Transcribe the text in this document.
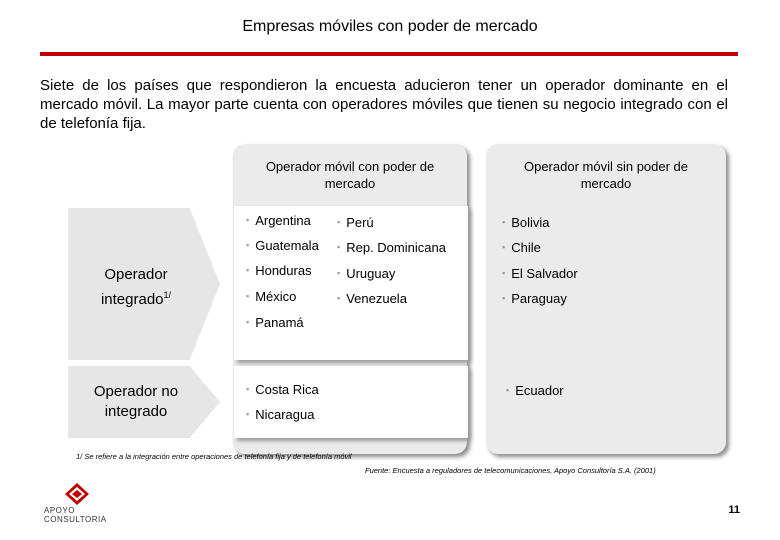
Empresas móviles con poder de mercado
Siete de los países que respondieron la encuesta aducieron tener un operador dominante en el mercado móvil. La mayor parte cuenta con operadores móviles que tienen su negocio integrado con el de telefonía fija.
Operador móvil con poder de mercado
Operador móvil sin poder de mercado
Operador integrado$^{1/}$
Operador no integrado
▪ Argentina
▪ Guatemala
▪ Honduras
▪ México
▪ Panamá
▪ Perú
▪ Rep. Dominicana
▪ Uruguay
▪ Venezuela
▪ Bolivia
▪ Chile
▪ El Salvador
▪ Paraguay
▪ Costa Rica
▪ Nicaragua
▪ Ecuador
1/ Se refiere a la integración entre operaciones de telefonía fija y de telefonía móvil
Fuente: Encuesta a reguladores de telecomunicaciones, Apoyo Consultoría S.A. (2001)
APOYO
CONSULTORIA
11
